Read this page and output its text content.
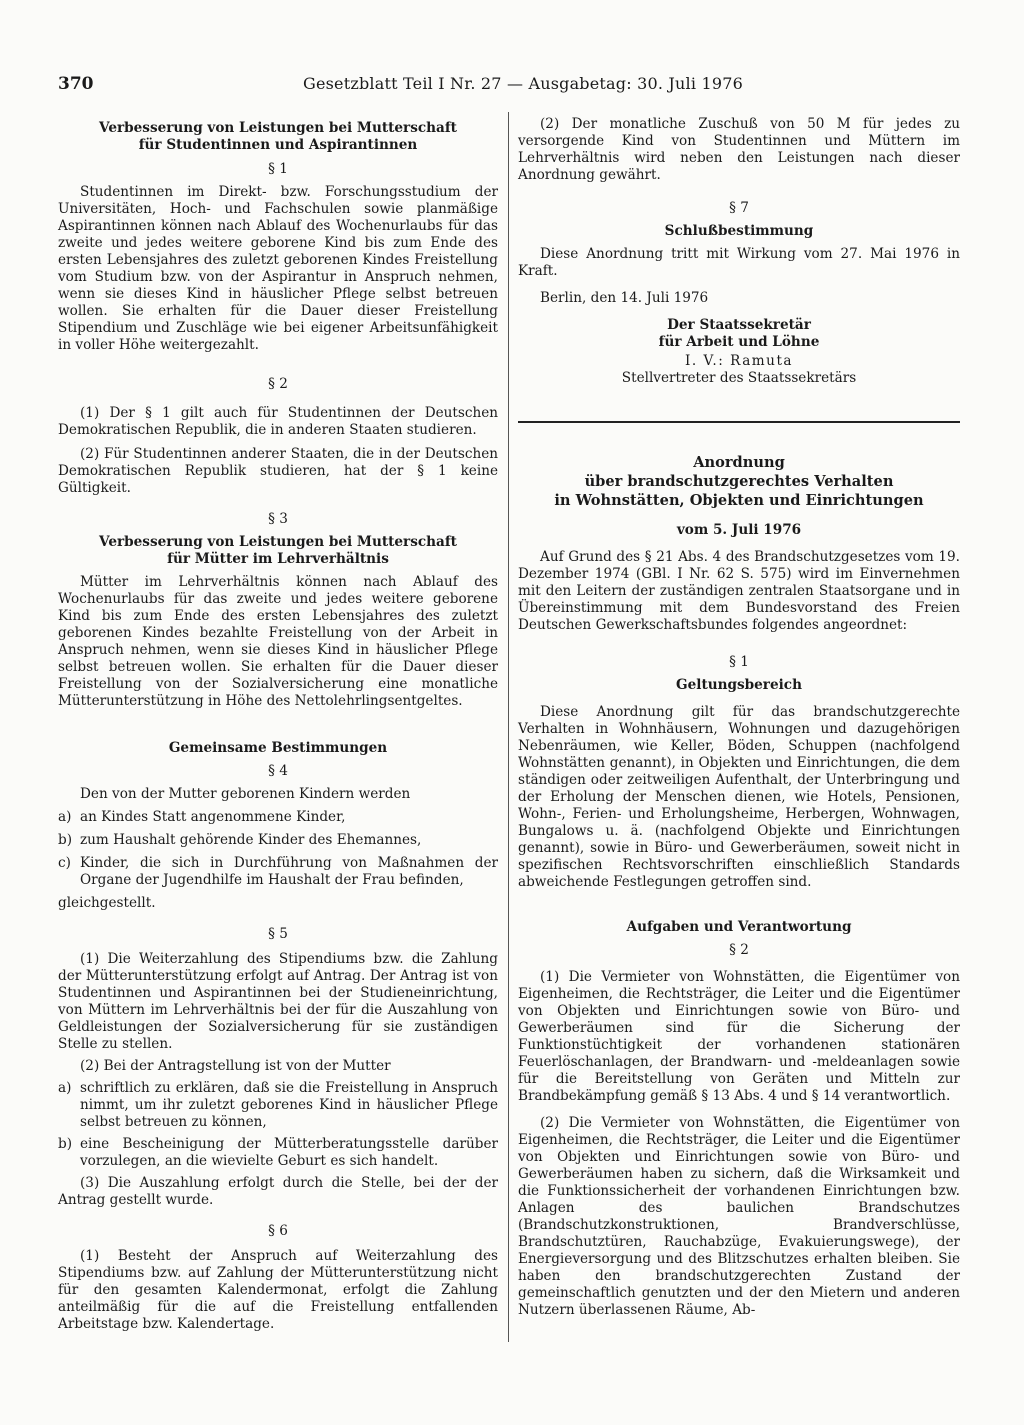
370	Gesetzblatt Teil I Nr. 27 — Ausgabetag: 30. Juli 1976

Verbesserung von Leistungen bei Mutterschaft

für Studentinnen und Aspirantinnen

§ 1

Studentinnen im Direkt- bzw. Forschungsstudium der Universitäten, Hoch- und Fachschulen sowie planmäßige Aspirantinnen können nach Ablauf des Wochenurlaubs für das zweite und jedes weitere geborene Kind bis zum Ende des ersten Lebensjahres des zuletzt geborenen Kindes Freistellung vom Studium bzw. von der Aspirantur in Anspruch nehmen, wenn sie dieses Kind in häuslicher Pflege selbst betreuen wollen. Sie erhalten für die Dauer dieser Freistellung Stipendium und Zuschläge wie bei eigener Arbeitsunfähigkeit in voller Höhe weitergezahlt.

§ 2

(1) Der § 1 gilt auch für Studentinnen der Deutschen Demokratischen Republik, die in anderen Staaten studieren.

(2) Für Studentinnen anderer Staaten, die in der Deutschen Demokratischen Republik studieren, hat der § 1 keine Gültigkeit.

§ 3

Verbesserung von Leistungen bei Mutterschaft

für Mütter im Lehrverhältnis

Mütter im Lehrverhältnis können nach Ablauf des Wochenurlaubs für das zweite und jedes weitere geborene Kind bis zum Ende des ersten Lebensjahres des zuletzt geborenen Kindes bezahlte Freistellung von der Arbeit in Anspruch nehmen, wenn sie dieses Kind in häuslicher Pflege selbst betreuen wollen. Sie erhalten für die Dauer dieser Freistellung von der Sozialversicherung eine monatliche Mütterunterstützung in Höhe des Nettolehrlingsentgeltes.

Gemeinsame Bestimmungen

§ 4

Den von der Mutter geborenen Kindern werden

a) an Kindes Statt angenommene Kinder,
b) zum Haushalt gehörende Kinder des Ehemannes,
c) Kinder, die sich in Durchführung von Maßnahmen der Organe der Jugendhilfe im Haushalt der Frau befinden,

gleichgestellt.

§ 5

(1) Die Weiterzahlung des Stipendiums bzw. die Zahlung der Mütterunterstützung erfolgt auf Antrag. Der Antrag ist von Studentinnen und Aspirantinnen bei der Studieneinrichtung, von Müttern im Lehrverhältnis bei der für die Auszahlung von Geldleistungen der Sozialversicherung für sie zuständigen Stelle zu stellen.

(2) Bei der Antragstellung ist von der Mutter

a) schriftlich zu erklären, daß sie die Freistellung in Anspruch nimmt, um ihr zuletzt geborenes Kind in häuslicher Pflege selbst betreuen zu können,
b) eine Bescheinigung der Mütterberatungsstelle darüber vorzulegen, an die wievielte Geburt es sich handelt.

(3) Die Auszahlung erfolgt durch die Stelle, bei der der Antrag gestellt wurde.

§ 6

(1) Besteht der Anspruch auf Weiterzahlung des Stipendiums bzw. auf Zahlung der Mütterunterstützung nicht für den gesamten Kalendermonat, erfolgt die Zahlung anteilmäßig für die auf die Freistellung entfallenden Arbeitstage bzw. Kalendertage.

(2) Der monatliche Zuschuß von 50 M für jedes zu versorgende Kind von Studentinnen und Müttern im Lehrverhältnis wird neben den Leistungen nach dieser Anordnung gewährt.

§ 7

Schlußbestimmung

Diese Anordnung tritt mit Wirkung vom 27. Mai 1976 in Kraft.

Berlin, den 14. Juli 1976

Der Staatssekretär

für Arbeit und Löhne

I. V.: Ramuta

Stellvertreter des Staatssekretärs

Anordnung

über brandschutzgerechtes Verhalten

in Wohnstätten, Objekten und Einrichtungen

vom 5. Juli 1976

Auf Grund des § 21 Abs. 4 des Brandschutzgesetzes vom 19. Dezember 1974 (GBl. I Nr. 62 S. 575) wird im Einvernehmen mit den Leitern der zuständigen zentralen Staatsorgane und in Übereinstimmung mit dem Bundesvorstand des Freien Deutschen Gewerkschaftsbundes folgendes angeordnet:

§ 1

Geltungsbereich

Diese Anordnung gilt für das brandschutzgerechte Verhalten in Wohnhäusern, Wohnungen und dazugehörigen Nebenräumen, wie Keller, Böden, Schuppen (nachfolgend Wohnstätten genannt), in Objekten und Einrichtungen, die dem ständigen oder zeitweiligen Aufenthalt, der Unterbringung und der Erholung der Menschen dienen, wie Hotels, Pensionen, Wohn-, Ferien- und Erholungsheime, Herbergen, Wohnwagen, Bungalows u. ä. (nachfolgend Objekte und Einrichtungen genannt), sowie in Büro- und Gewerberäumen, soweit nicht in spezifischen Rechtsvorschriften einschließlich Standards abweichende Festlegungen getroffen sind.

Aufgaben und Verantwortung

§ 2

(1) Die Vermieter von Wohnstätten, die Eigentümer von Eigenheimen, die Rechtsträger, die Leiter und die Eigentümer von Objekten und Einrichtungen sowie von Büro- und Gewerberäumen sind für die Sicherung der Funktionstüchtigkeit der vorhandenen stationären Feuerlöschanlagen, der Brandwarn- und -meldeanlagen sowie für die Bereitstellung von Geräten und Mitteln zur Brandbekämpfung gemäß § 13 Abs. 4 und § 14 verantwortlich.

(2) Die Vermieter von Wohnstätten, die Eigentümer von Eigenheimen, die Rechtsträger, die Leiter und die Eigentümer von Objekten und Einrichtungen sowie von Büro- und Gewerberäumen haben zu sichern, daß die Wirksamkeit und die Funktionssicherheit der vorhandenen Einrichtungen bzw. Anlagen des baulichen Brandschutzes (Brandschutzkonstruktionen, Brandverschlüsse, Brandschutztüren, Rauchabzüge, Evakuierungswege), der Energieversorgung und des Blitzschutzes erhalten bleiben. Sie haben den brandschutzgerechten Zustand der gemeinschaftlich genutzten und der den Mietern und anderen Nutzern überlassenen Räume, Ab-
